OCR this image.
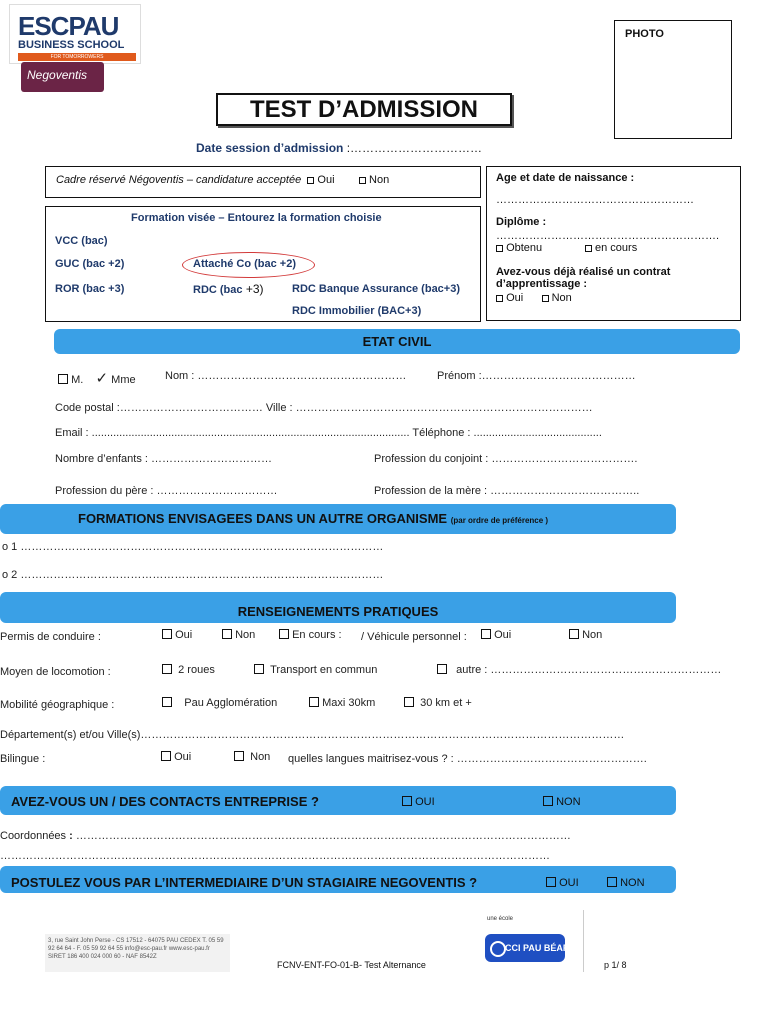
ESCPAU
BUSINESS SCHOOL
FOR TOMORROWERS
Negoventis
TEST D’ADMISSION
PHOTO
Date session d’admission :……………………………
Cadre réservé Négoventis – candidature acceptée Oui	Non
Formation visée – Entourez la formation choisie
VCC (bac)
GUC (bac +2)	Attaché Co (bac +2)
ROR (bac +3)	RDC (bac +3)	RDC Banque Assurance (bac+3)
RDC Immobilier (BAC+3)
Age et date de naissance :
………………………………………………
Diplôme :
…………………………………………………….
Obtenu	en cours
Avez-vous déjà réalisé un contrat
d’apprentissage :
Oui	Non
ETAT CIVIL
M. ✓ Mme	Nom : …………………………………………………	Prénom :……………………………………
Code postal :………………………………… Ville : ………………………………………………………………………
Email : ........................................................................................................ Téléphone : ..........................................
Nombre d’enfants : ……………………………	Profession du conjoint : ………………………………….
Profession du père : ……………………………	Profession de la mère : …………………………………..
FORMATIONS ENVISAGEES DANS UN AUTRE ORGANISME (par ordre de préférence )
o 1 ………………………………………………………………………………………
o 2 ………………………………………………………………………………………
RENSEIGNEMENTS PRATIQUES
Permis de conduire :	Oui	Non	En cours : / Véhicule personnel :	Oui	Non
Moyen de locomotion :	2 roues	Transport en commun	autre : ………………………………………………………
Mobilité géographique :	Pau Agglomération	Maxi 30km	30 km et +
Département(s) et/ou Ville(s)……………………………………………………………………………………………………………………
Bilingue :	Oui	Non quelles langues maitrisez-vous ? : …………………………………………….
AVEZ-VOUS UN / DES CONTACTS ENTREPRISE ?	OUI	NON
Coordonnées : ………………………………………………………………………………………………………………………
……………………………………………………………………………………………………………………………………
POSTULEZ VOUS PAR L’INTERMEDIAIRE D’UN STAGIAIRE NEGOVENTIS ?	OUI	NON
3, rue Saint John Perse - CS 17512 - 64075 PAU CEDEX T. 05 59 92 64 64 - F. 05 59 92 64 55 info@esc-pau.fr www.esc-pau.fr SIRET 186 400 024 000 60 - NAF 8542Z
une école
CCI PAU BÉARN
FCNV-ENT-FO-01-B- Test Alternance	p 1/ 8
